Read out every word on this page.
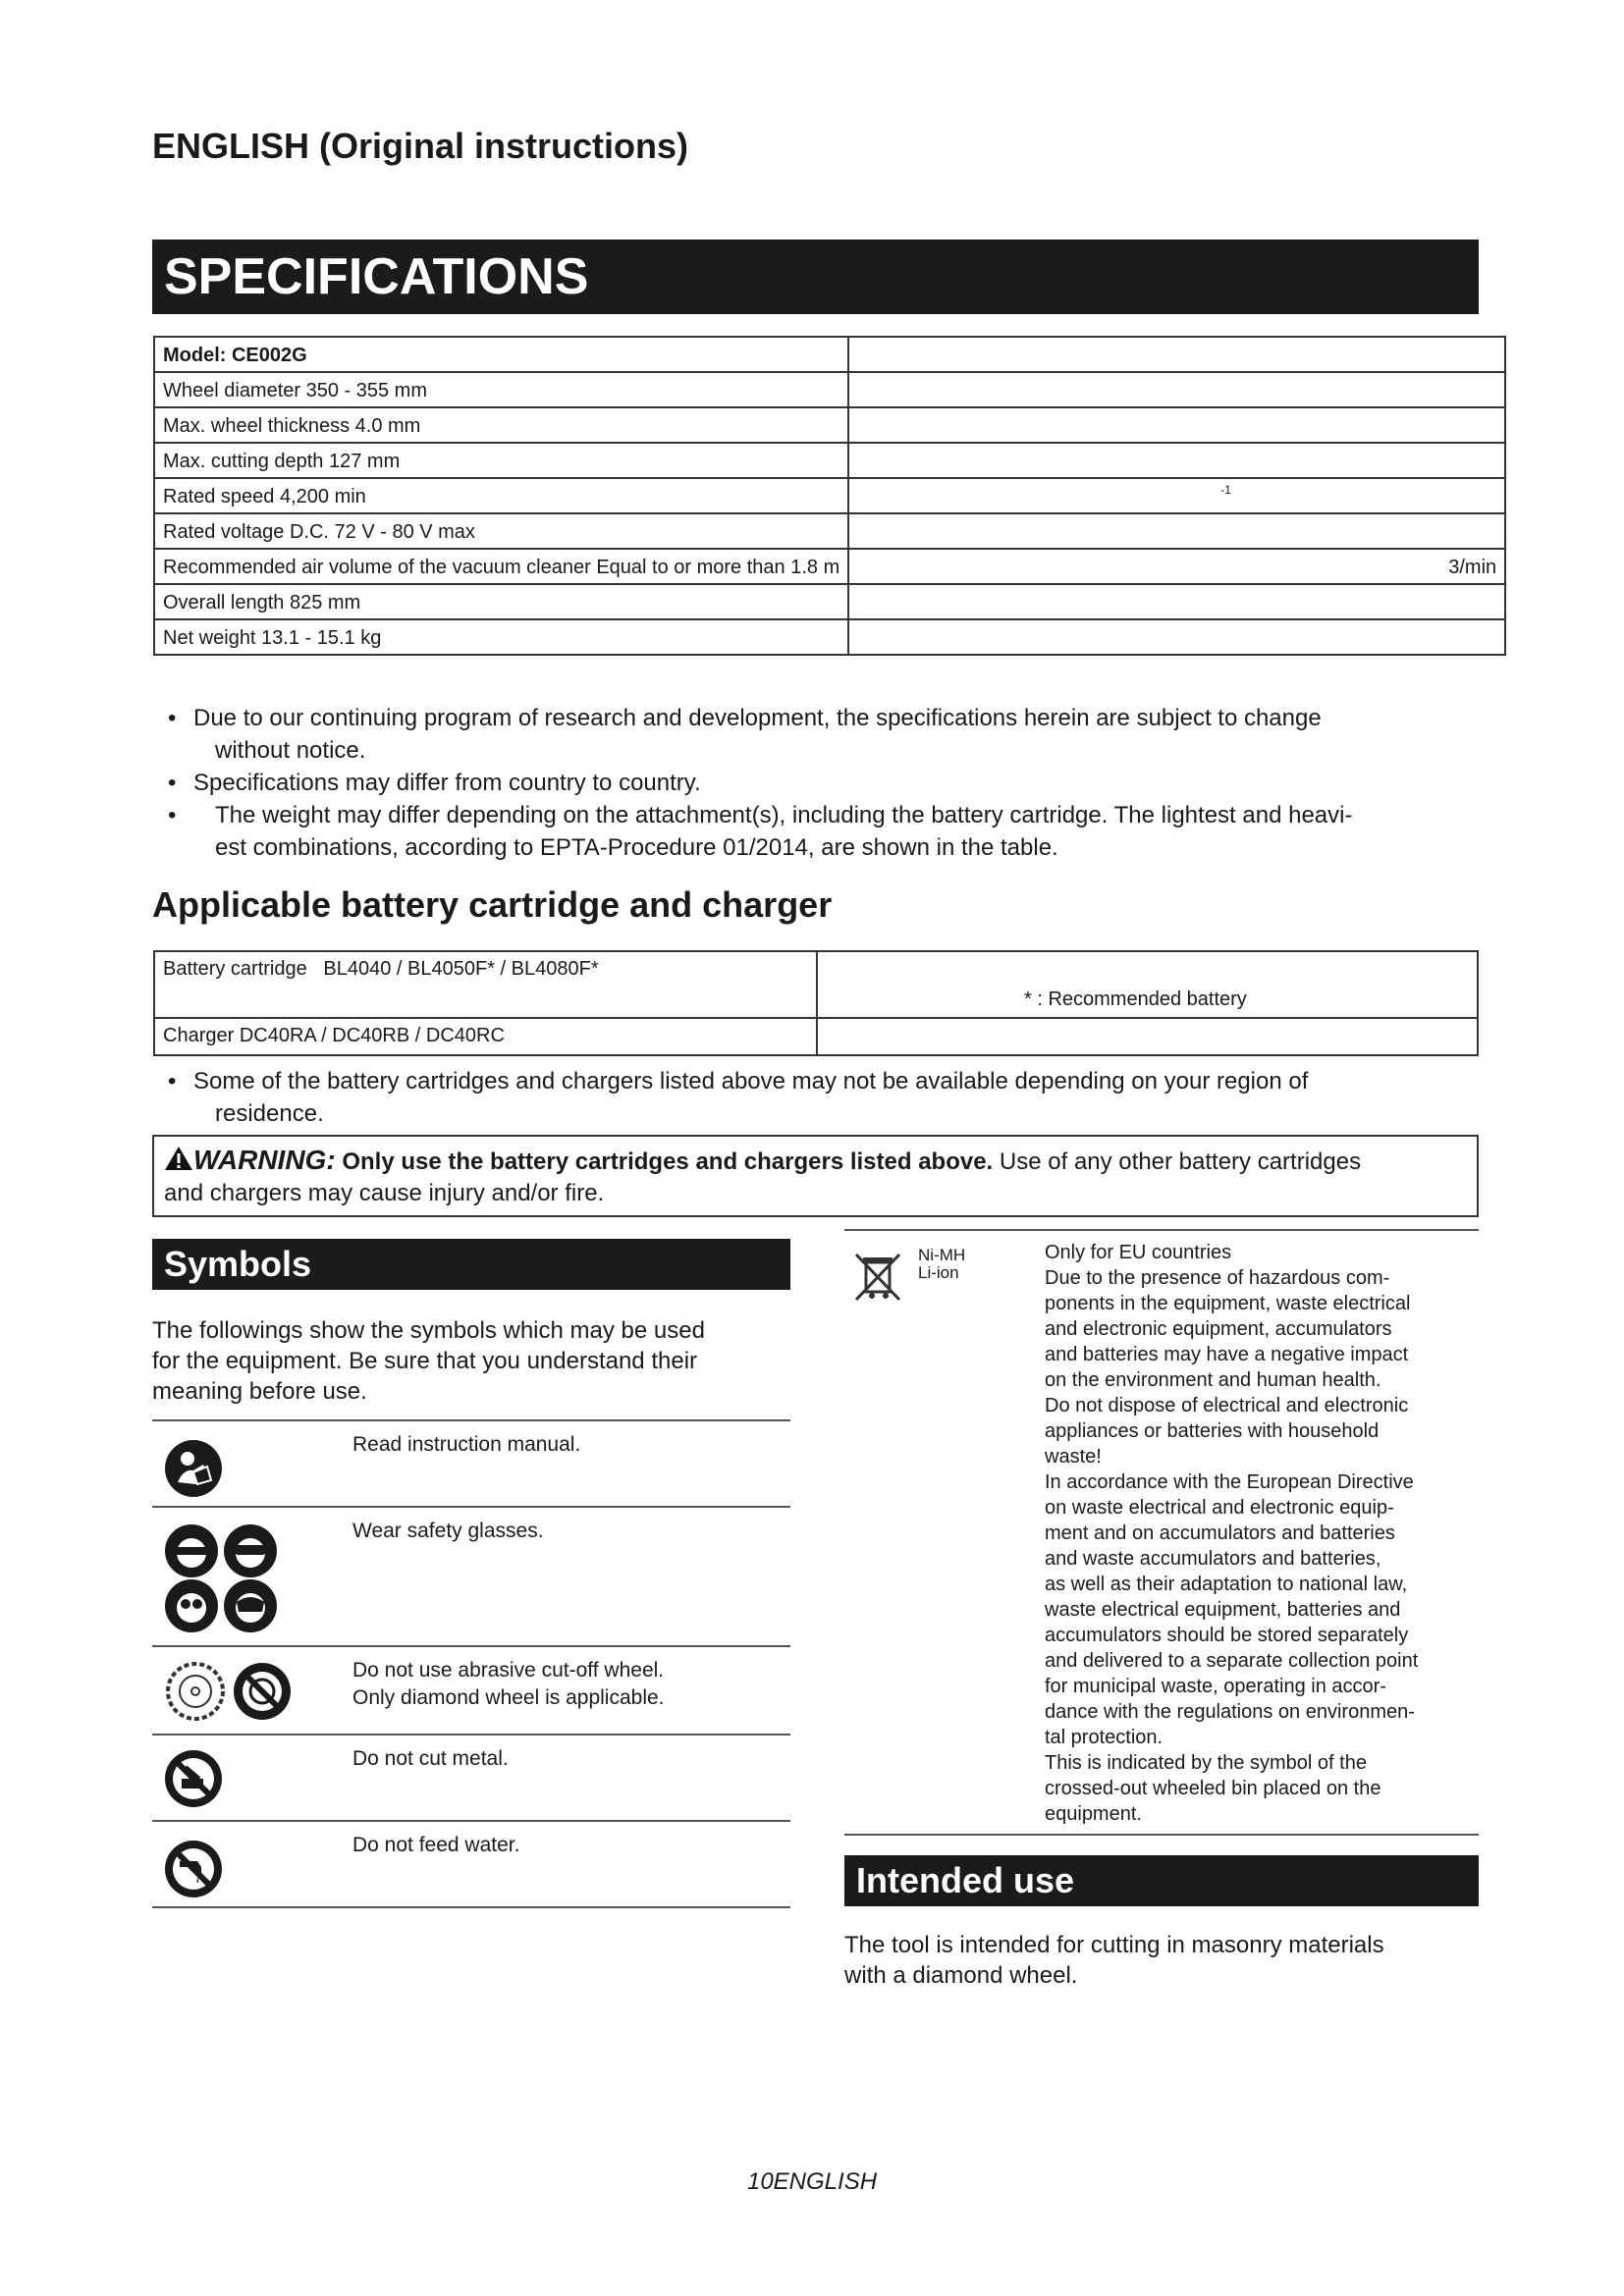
ENGLISH (Original instructions)
SPECIFICATIONS
Model: CE002G	
Wheel diameter 350 - 355 mm	
Max. wheel thickness 4.0 mm	
Max. cutting depth 127 mm	
Rated speed 4,200 min	-1
Rated voltage D.C. 72 V - 80 V max	
Recommended air volume of the vacuum cleaner Equal to or more than 1.8 m	3/min
Overall length 825 mm	
Net weight 13.1 - 15.1 kg	
• Due to our continuing program of research and development, the specifications herein are subject to change
without notice.
• Specifications may differ from country to country.
• The weight may differ depending on the attachment(s), including the battery cartridge. The lightest and heavi-
est combinations, according to EPTA-Procedure 01/2014, are shown in the table.
Applicable battery cartridge and charger
Battery cartridge BL4040 / BL4050F* / BL4080F*	* : Recommended battery
Charger DC40RA / DC40RB / DC40RC	
• Some of the battery cartridges and chargers listed above may not be available depending on your region of
residence.
WARNING: Only use the battery cartridges and chargers listed above. Use of any other battery cartridges
and chargers may cause injury and/or fire.
Symbols
The followings show the symbols which may be used
for the equipment. Be sure that you understand their
meaning before use.
Read instruction manual.
Wear safety glasses.
Do not use abrasive cut-off wheel.
Only diamond wheel is applicable.
Do not cut metal.
Do not feed water.
Ni-MH
Li-ion
Only for EU countries
Due to the presence of hazardous com-
ponents in the equipment, waste electrical
and electronic equipment, accumulators
and batteries may have a negative impact
on the environment and human health.
Do not dispose of electrical and electronic
appliances or batteries with household
waste!
In accordance with the European Directive
on waste electrical and electronic equip-
ment and on accumulators and batteries
and waste accumulators and batteries,
as well as their adaptation to national law,
waste electrical equipment, batteries and
accumulators should be stored separately
and delivered to a separate collection point
for municipal waste, operating in accor-
dance with the regulations on environmen-
tal protection.
This is indicated by the symbol of the
crossed-out wheeled bin placed on the
equipment.
Intended use
The tool is intended for cutting in masonry materials
with a diamond wheel.
10ENGLISH
